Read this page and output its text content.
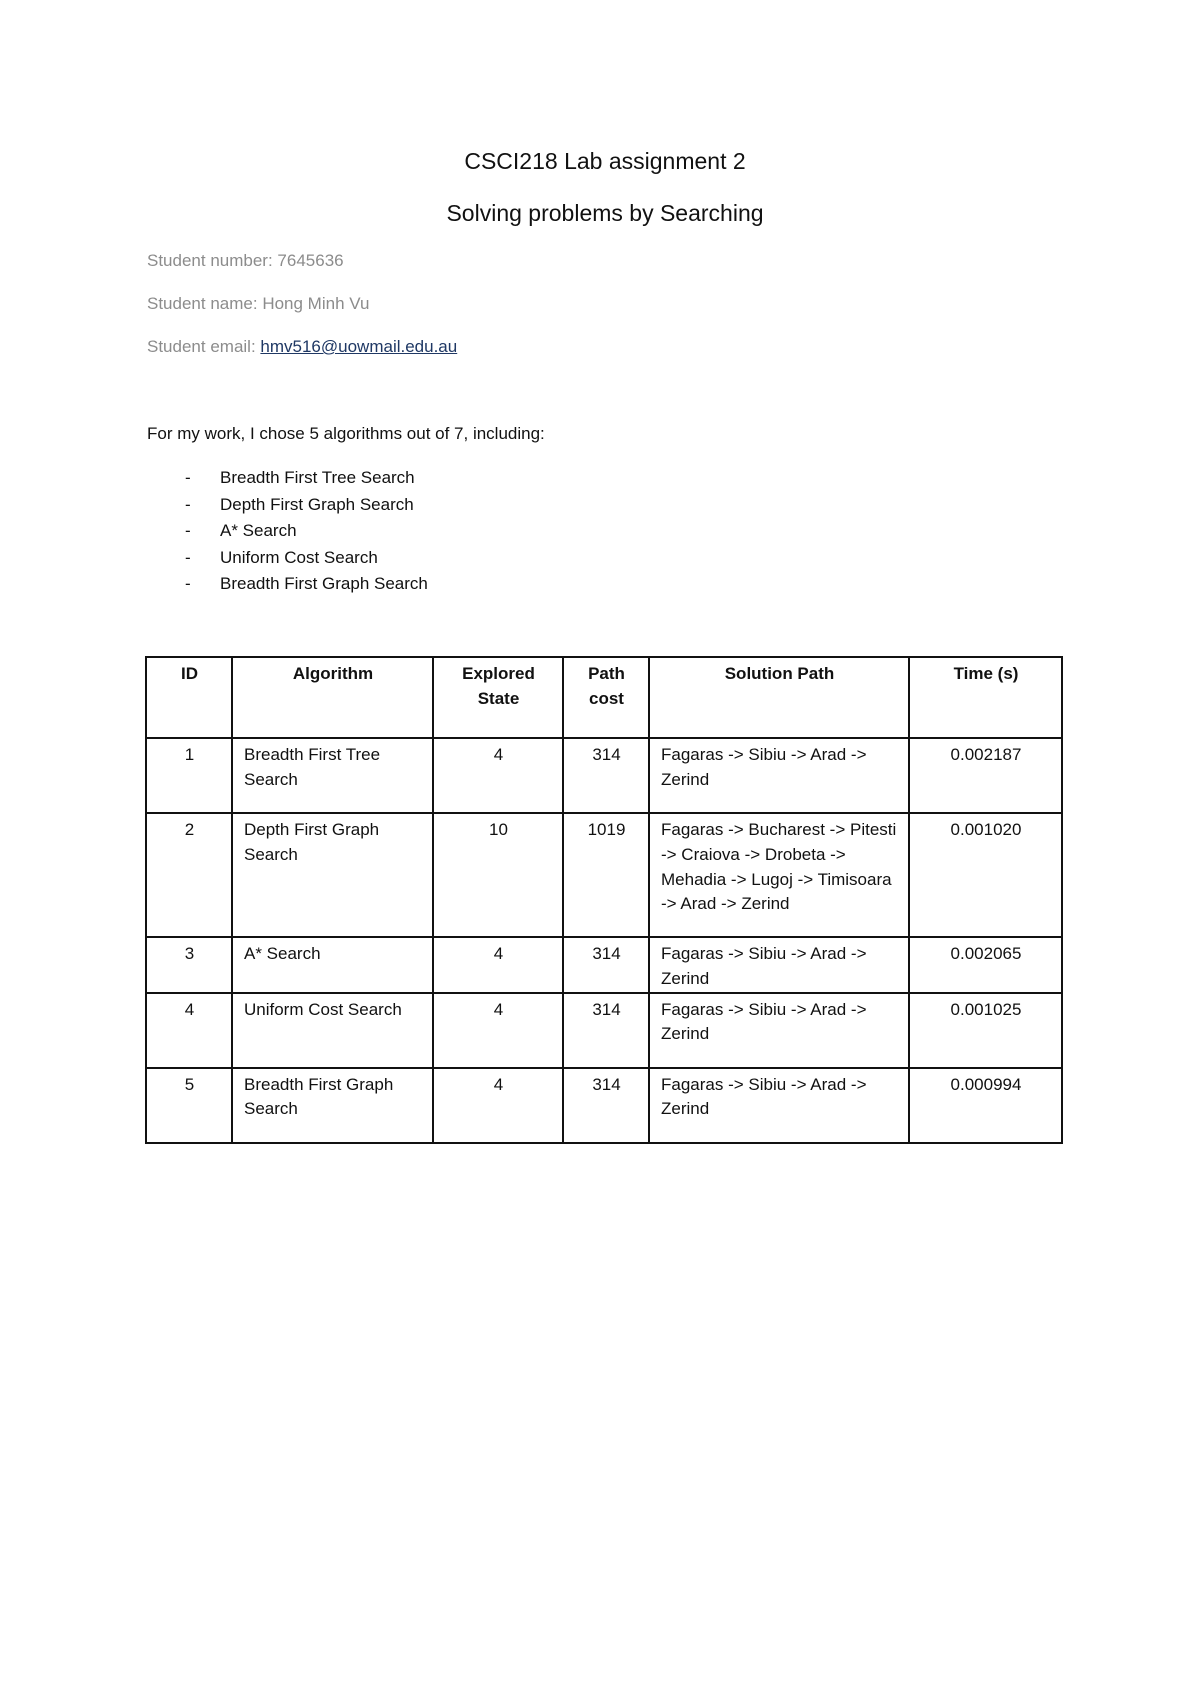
CSCI218 Lab assignment 2
Solving problems by Searching
Student number: 7645636
Student name: Hong Minh Vu
Student email: hmv516@uowmail.edu.au
For my work, I chose 5 algorithms out of 7, including:
-	Breadth First Tree Search
-	Depth First Graph Search
-	A* Search
-	Uniform Cost Search
-	Breadth First Graph Search
ID	Algorithm	Explored State	Path cost	Solution Path	Time (s)
1	Breadth First Tree Search	4	314	Fagaras -> Sibiu -> Arad -> Zerind	0.002187
2	Depth First Graph Search	10	1019	Fagaras -> Bucharest -> Pitesti -> Craiova -> Drobeta -> Mehadia -> Lugoj -> Timisoara -> Arad -> Zerind	0.001020
3	A* Search	4	314	Fagaras -> Sibiu -> Arad -> Zerind	0.002065
4	Uniform Cost Search	4	314	Fagaras -> Sibiu -> Arad -> Zerind	0.001025
5	Breadth First Graph Search	4	314	Fagaras -> Sibiu -> Arad -> Zerind	0.000994
